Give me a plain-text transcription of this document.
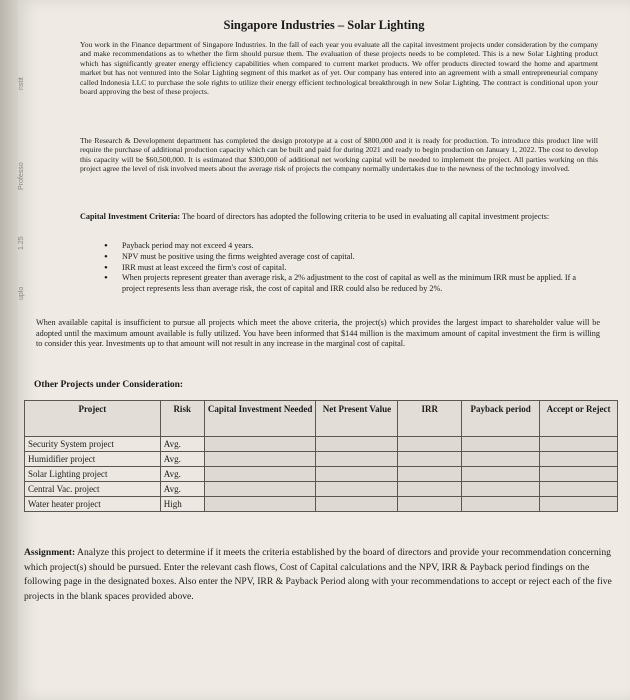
nstit
Professo
1.25
uplo
Singapore Industries – Solar Lighting

You work in the Finance department of Singapore Industries. In the fall of each year you evaluate all the capital investment projects under consideration by the company and make recommendations as to whether the firm should pursue them. The evaluation of these projects needs to be completed. This is a new Solar Lighting product which has significantly greater energy efficiency capabilities when compared to current market products. We offer products directed toward the home and apartment market but has not ventured into the Solar Lighting segment of this market as of yet. Our company has entered into an agreement with a small entrepreneurial company called Indonesia LLC to purchase the sole rights to utilize their energy efficient technological breakthrough in new Solar Lighting. The contract is conditional upon your board approving the best of these projects.

The Research & Development department has completed the design prototype at a cost of $800,000 and it is ready for production. To introduce this product line will require the purchase of additional production capacity which can be built and paid for during 2021 and ready to begin production on January 1, 2022. The cost to develop this capacity will be $60,500,000. It is estimated that $300,000 of additional net working capital will be needed to implement the project. All parties working on this project agree the level of risk involved meets about the average risk of projects the company normally undertakes due to the newness of the technology involved.

Capital Investment Criteria: The board of directors has adopted the following criteria to be used in evaluating all capital investment projects:

• Payback period may not exceed 4 years.
• NPV must be positive using the firms weighted average cost of capital.
• IRR must at least exceed the firm's cost of capital.
• When projects represent greater than average risk, a 2% adjustment to the cost of capital as well as the minimum IRR must be applied. If a project represents less than average risk, the cost of capital and IRR could also be reduced by 2%.

When available capital is insufficient to pursue all projects which meet the above criteria, the project(s) which provides the largest impact to shareholder value will be adopted until the maximum amount available is fully utilized. You have been informed that $144 million is the maximum amount of capital investment the firm is willing to consider this year. Investments up to that amount will not result in any increase in the marginal cost of capital.

Other Projects under Consideration:
Project	Risk	Capital Investment Needed	Net Present Value	IRR	Payback period	Accept or Reject
Security System project	Avg.					
Humidifier project	Avg.					
Solar Lighting project	Avg.					
Central Vac. project	Avg.					
Water heater project	High					

Assignment: Analyze this project to determine if it meets the criteria established by the board of directors and provide your recommendation concerning which project(s) should be pursued. Enter the relevant cash flows, Cost of Capital calculations and the NPV, IRR & Payback period findings on the following page in the designated boxes. Also enter the NPV, IRR & Payback Period along with your recommendations to accept or reject each of the five projects in the blank spaces provided above.
